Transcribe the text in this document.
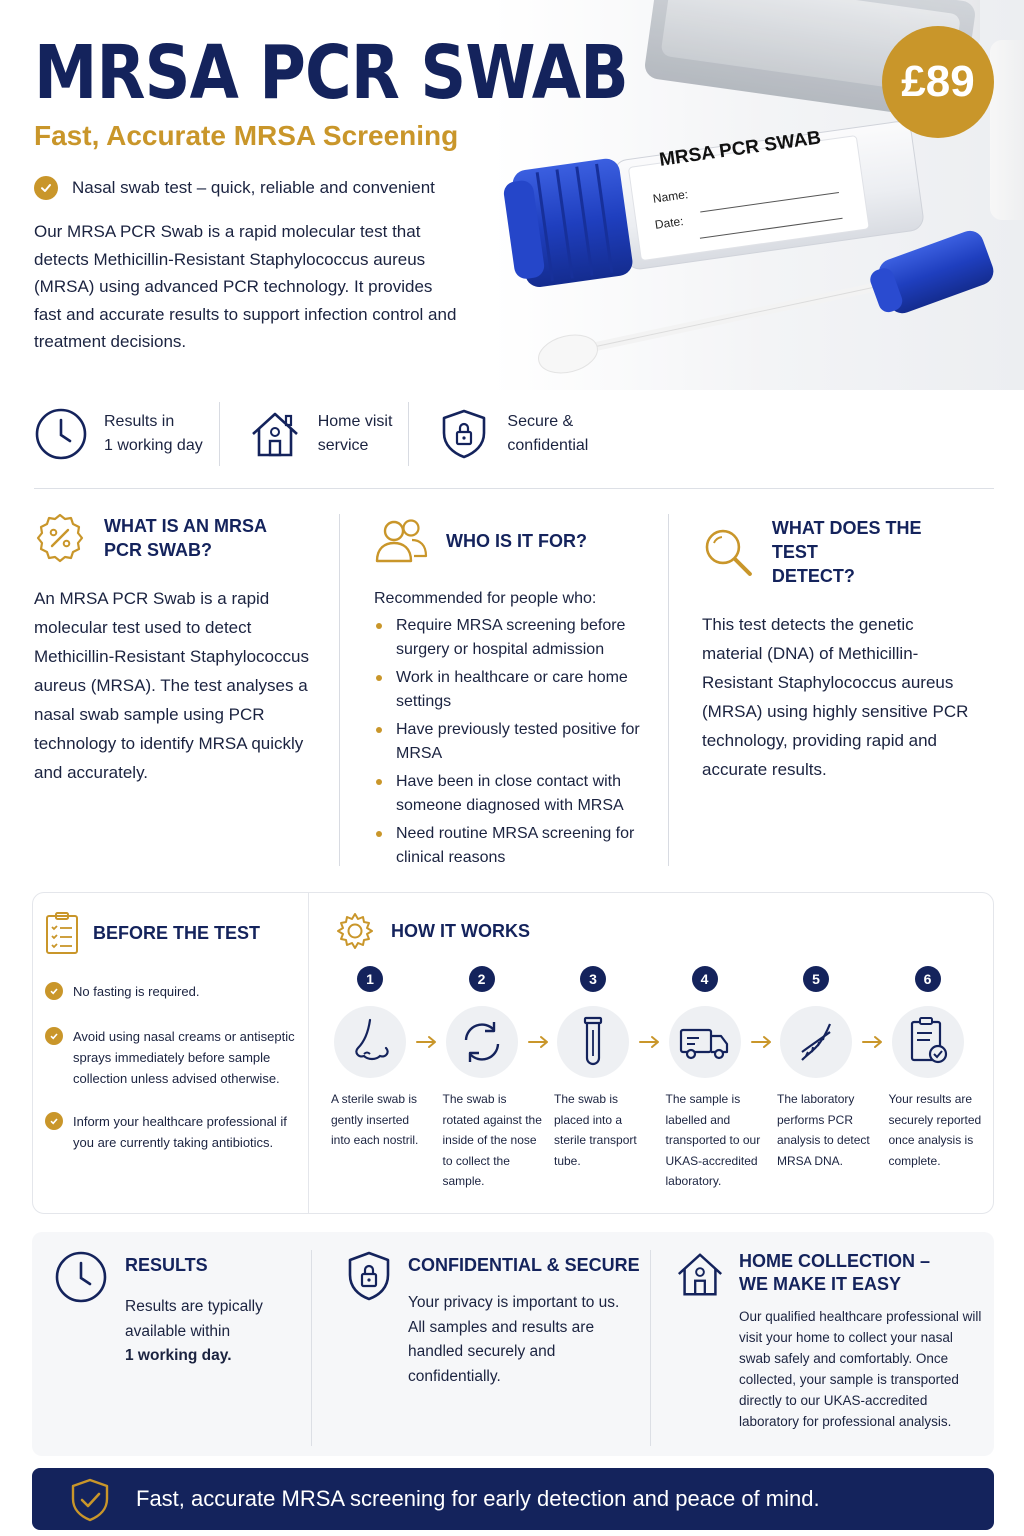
MRSA PCR SWAB
Name:
Date:
MRSA PCR SWAB
Fast, Accurate MRSA Screening
Nasal swab test – quick, reliable and convenient
Our MRSA PCR Swab is a rapid molecular test that detects Methicillin-Resistant Staphylococcus aureus (MRSA) using advanced PCR technology. It provides fast and accurate results to support infection control and treatment decisions.
£89
Results in
1 working day
Home visit
service
Secure &
confidential
WHAT IS AN MRSA
PCR SWAB?
An MRSA PCR Swab is a rapid molecular test used to detect Methicillin-Resistant Staphylococcus aureus (MRSA). The test analyses a nasal swab sample using PCR technology to identify MRSA quickly and accurately.
WHO IS IT FOR?
Recommended for people who:
Require MRSA screening before surgery or hospital admission
Work in healthcare or care home settings
Have previously tested positive for MRSA
Have been in close contact with someone diagnosed with MRSA
Need routine MRSA screening for clinical reasons
WHAT DOES THE TEST
DETECT?
This test detects the genetic material (DNA) of Methicillin-Resistant Staphylococcus aureus (MRSA) using highly sensitive PCR technology, providing rapid and accurate results.
BEFORE THE TEST
No fasting is required.
Avoid using nasal creams or antiseptic sprays immediately before sample collection unless advised otherwise.
Inform your healthcare professional if you are currently taking antibiotics.
HOW IT WORKS
1
A sterile swab is gently inserted into each nostril.
2
The swab is rotated against the inside of the nose to collect the sample.
3
The swab is placed into a sterile transport tube.
4
The sample is labelled and transported to our UKAS-accredited laboratory.
5
The laboratory performs PCR analysis to detect MRSA DNA.
6
Your results are securely reported once analysis is complete.
RESULTS
Results are typically available within
1 working day.
CONFIDENTIAL & SECURE
Your privacy is important to us. All samples and results are handled securely and confidentially.
HOME COLLECTION –
WE MAKE IT EASY
Our qualified healthcare professional will visit your home to collect your nasal swab safely and comfortably. Once collected, your sample is transported directly to our UKAS-accredited laboratory for professional analysis.
Fast, accurate MRSA screening for early detection and peace of mind.
